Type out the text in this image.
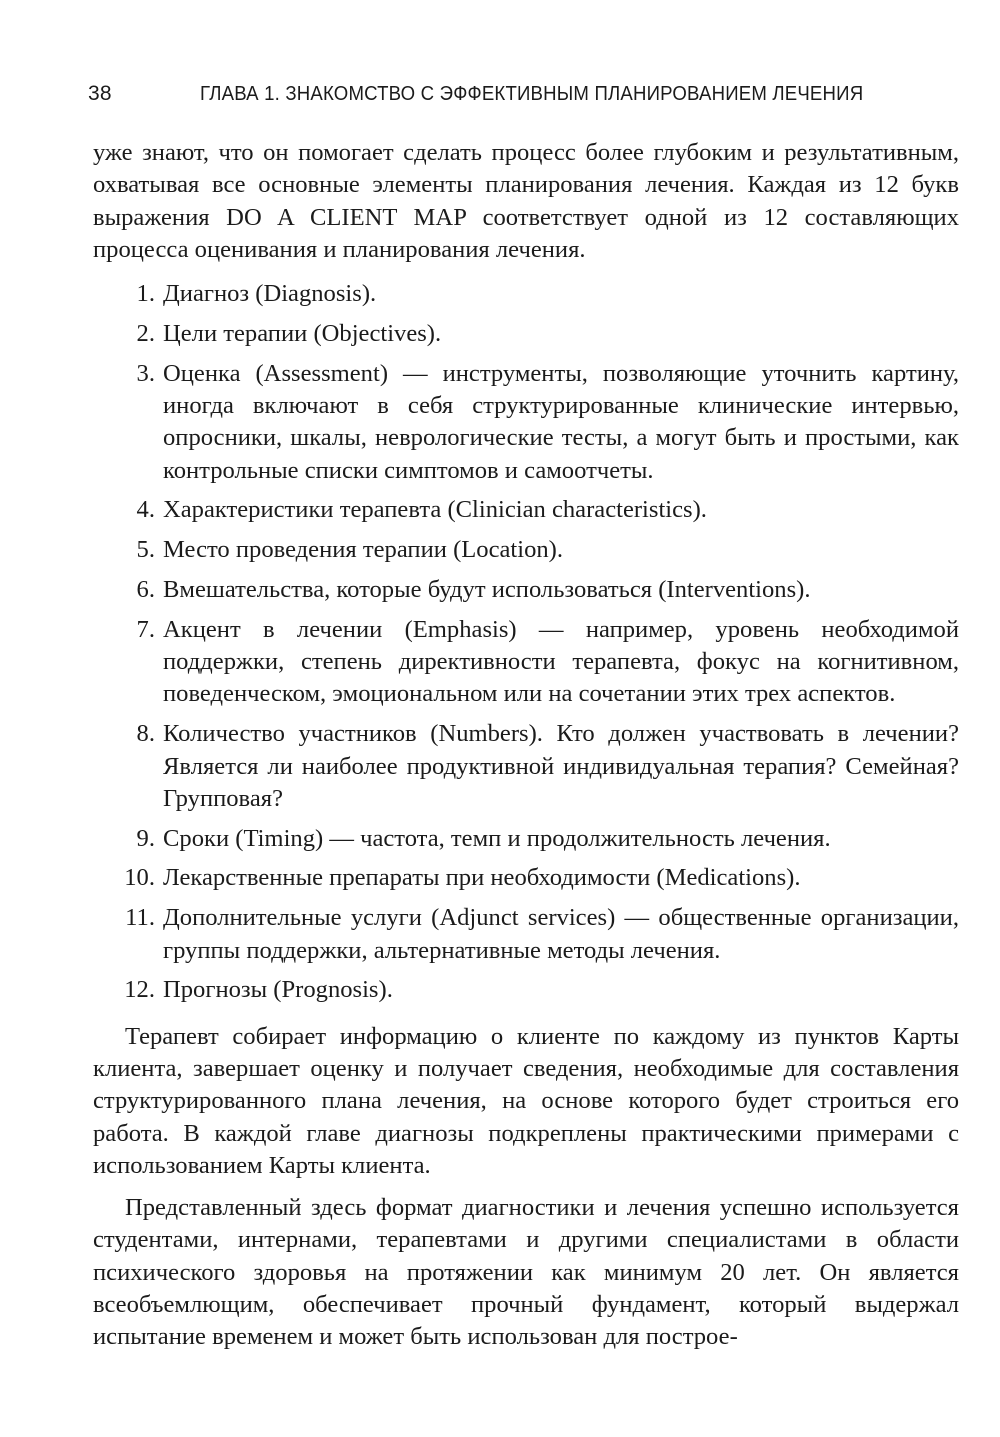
38	ГЛАВА 1. ЗНАКОМСТВО С ЭФФЕКТИВНЫМ ПЛАНИРОВАНИЕМ ЛЕЧЕНИЯ

уже знают, что он помогает сделать процесс более глубоким и результативным, охватывая все основные элементы планирования лечения. Каждая из 12 букв выражения DO A CLIENT MAP соответствует одной из 12 составляющих процесса оценивания и планирования лечения.

1. Диагноз (Diagnosis).
2. Цели терапии (Objectives).
3. Оценка (Assessment) — инструменты, позволяющие уточнить картину, иногда включают в себя структурированные клинические интервью, опросники, шкалы, неврологические тесты, а могут быть и простыми, как контрольные списки симптомов и самоотчеты.
4. Характеристики терапевта (Clinician characteristics).
5. Место проведения терапии (Location).
6. Вмешательства, которые будут использоваться (Interventions).
7. Акцент в лечении (Emphasis) — например, уровень необходимой поддержки, степень директивности терапевта, фокус на когнитивном, поведенческом, эмоциональном или на сочетании этих трех аспектов.
8. Количество участников (Numbers). Кто должен участвовать в лечении? Является ли наиболее продуктивной индивидуальная терапия? Семейная? Групповая?
9. Сроки (Timing) — частота, темп и продолжительность лечения.
10. Лекарственные препараты при необходимости (Medications).
11. Дополнительные услуги (Adjunct services) — общественные организации, группы поддержки, альтернативные методы лечения.
12. Прогнозы (Prognosis).

Терапевт собирает информацию о клиенте по каждому из пунктов Карты клиента, завершает оценку и получает сведения, необходимые для составления структурированного плана лечения, на основе которого будет строиться его работа. В каждой главе диагнозы подкреплены практическими примерами с использованием Карты клиента.

Представленный здесь формат диагностики и лечения успешно используется студентами, интернами, терапевтами и другими специалистами в области психического здоровья на протяжении как минимум 20 лет. Он является всеобъемлющим, обеспечивает прочный фундамент, который выдержал испытание временем и может быть использован для построе-
